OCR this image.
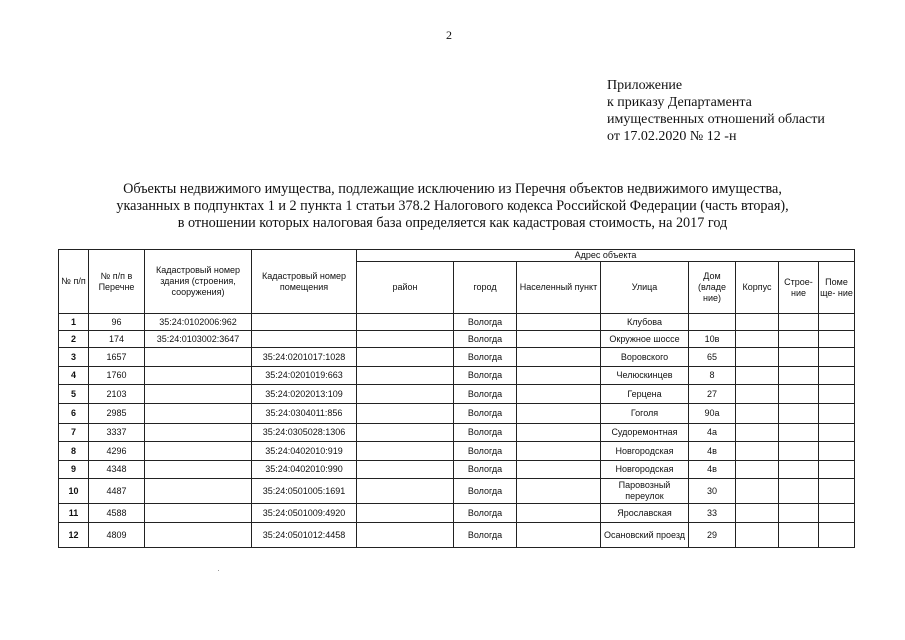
2
Приложение
к приказу Департамента
имущественных отношений области
от 17.02.2020 № 12 -н
Объекты недвижимого имущества, подлежащие исключению из Перечня объектов недвижимого имущества,
указанных в подпунктах 1 и 2 пункта 1 статьи 378.2 Налогового кодекса Российской Федерации (часть вторая),
в отношении которых налоговая база определяется как кадастровая стоимость, на 2017 год
№ п/п	№ п/п в Перечне	Кадастровый номер здания (строения, сооружения)	Кадастровый номер помещения	Адрес объекта							
				район	город	Населенный пункт	Улица	Дом (владе ние)	Корпус	Строе- ние	Поме ще- ние
1	96	35:24:0102006:962			Вологда		Клубова				
2	174	35:24:0103002:3647			Вологда		Окружное шоссе	10в			
3	1657		35:24:0201017:1028		Вологда		Воровского	65			
4	1760		35:24:0201019:663		Вологда		Челюскинцев	8			
5	2103		35:24:0202013:109		Вологда		Герцена	27			
6	2985		35:24:0304011:856		Вологда		Гоголя	90а			
7	3337		35:24:0305028:1306		Вологда		Судоремонтная	4а			
8	4296		35:24:0402010:919		Вологда		Новгородская	4в			
9	4348		35:24:0402010:990		Вологда		Новгородская	4в			
10	4487		35:24:0501005:1691		Вологда		Паровозный переулок	30			
11	4588		35:24:0501009:4920		Вологда		Ярославская	33			
12	4809		35:24:0501012:4458		Вологда		Осановский проезд	29			
